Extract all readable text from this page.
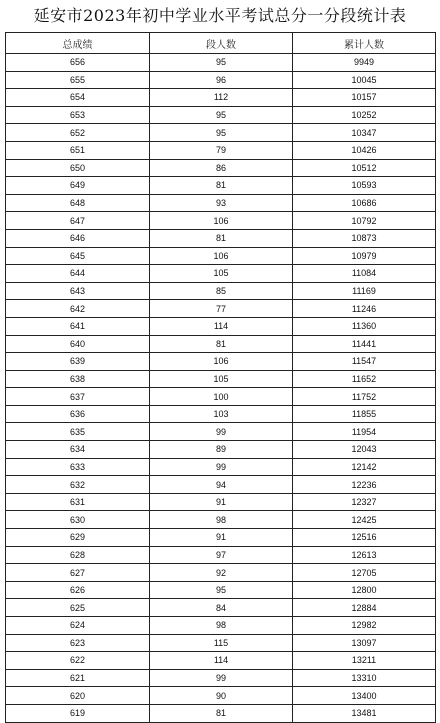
延安市2023年初中学业水平考试总分一分段统计表
总成绩	段人数	累计人数
656	95	9949
655	96	10045
654	112	10157
653	95	10252
652	95	10347
651	79	10426
650	86	10512
649	81	10593
648	93	10686
647	106	10792
646	81	10873
645	106	10979
644	105	11084
643	85	11169
642	77	11246
641	114	11360
640	81	11441
639	106	11547
638	105	11652
637	100	11752
636	103	11855
635	99	11954
634	89	12043
633	99	12142
632	94	12236
631	91	12327
630	98	12425
629	91	12516
628	97	12613
627	92	12705
626	95	12800
625	84	12884
624	98	12982
623	115	13097
622	114	13211
621	99	13310
620	90	13400
619	81	13481
